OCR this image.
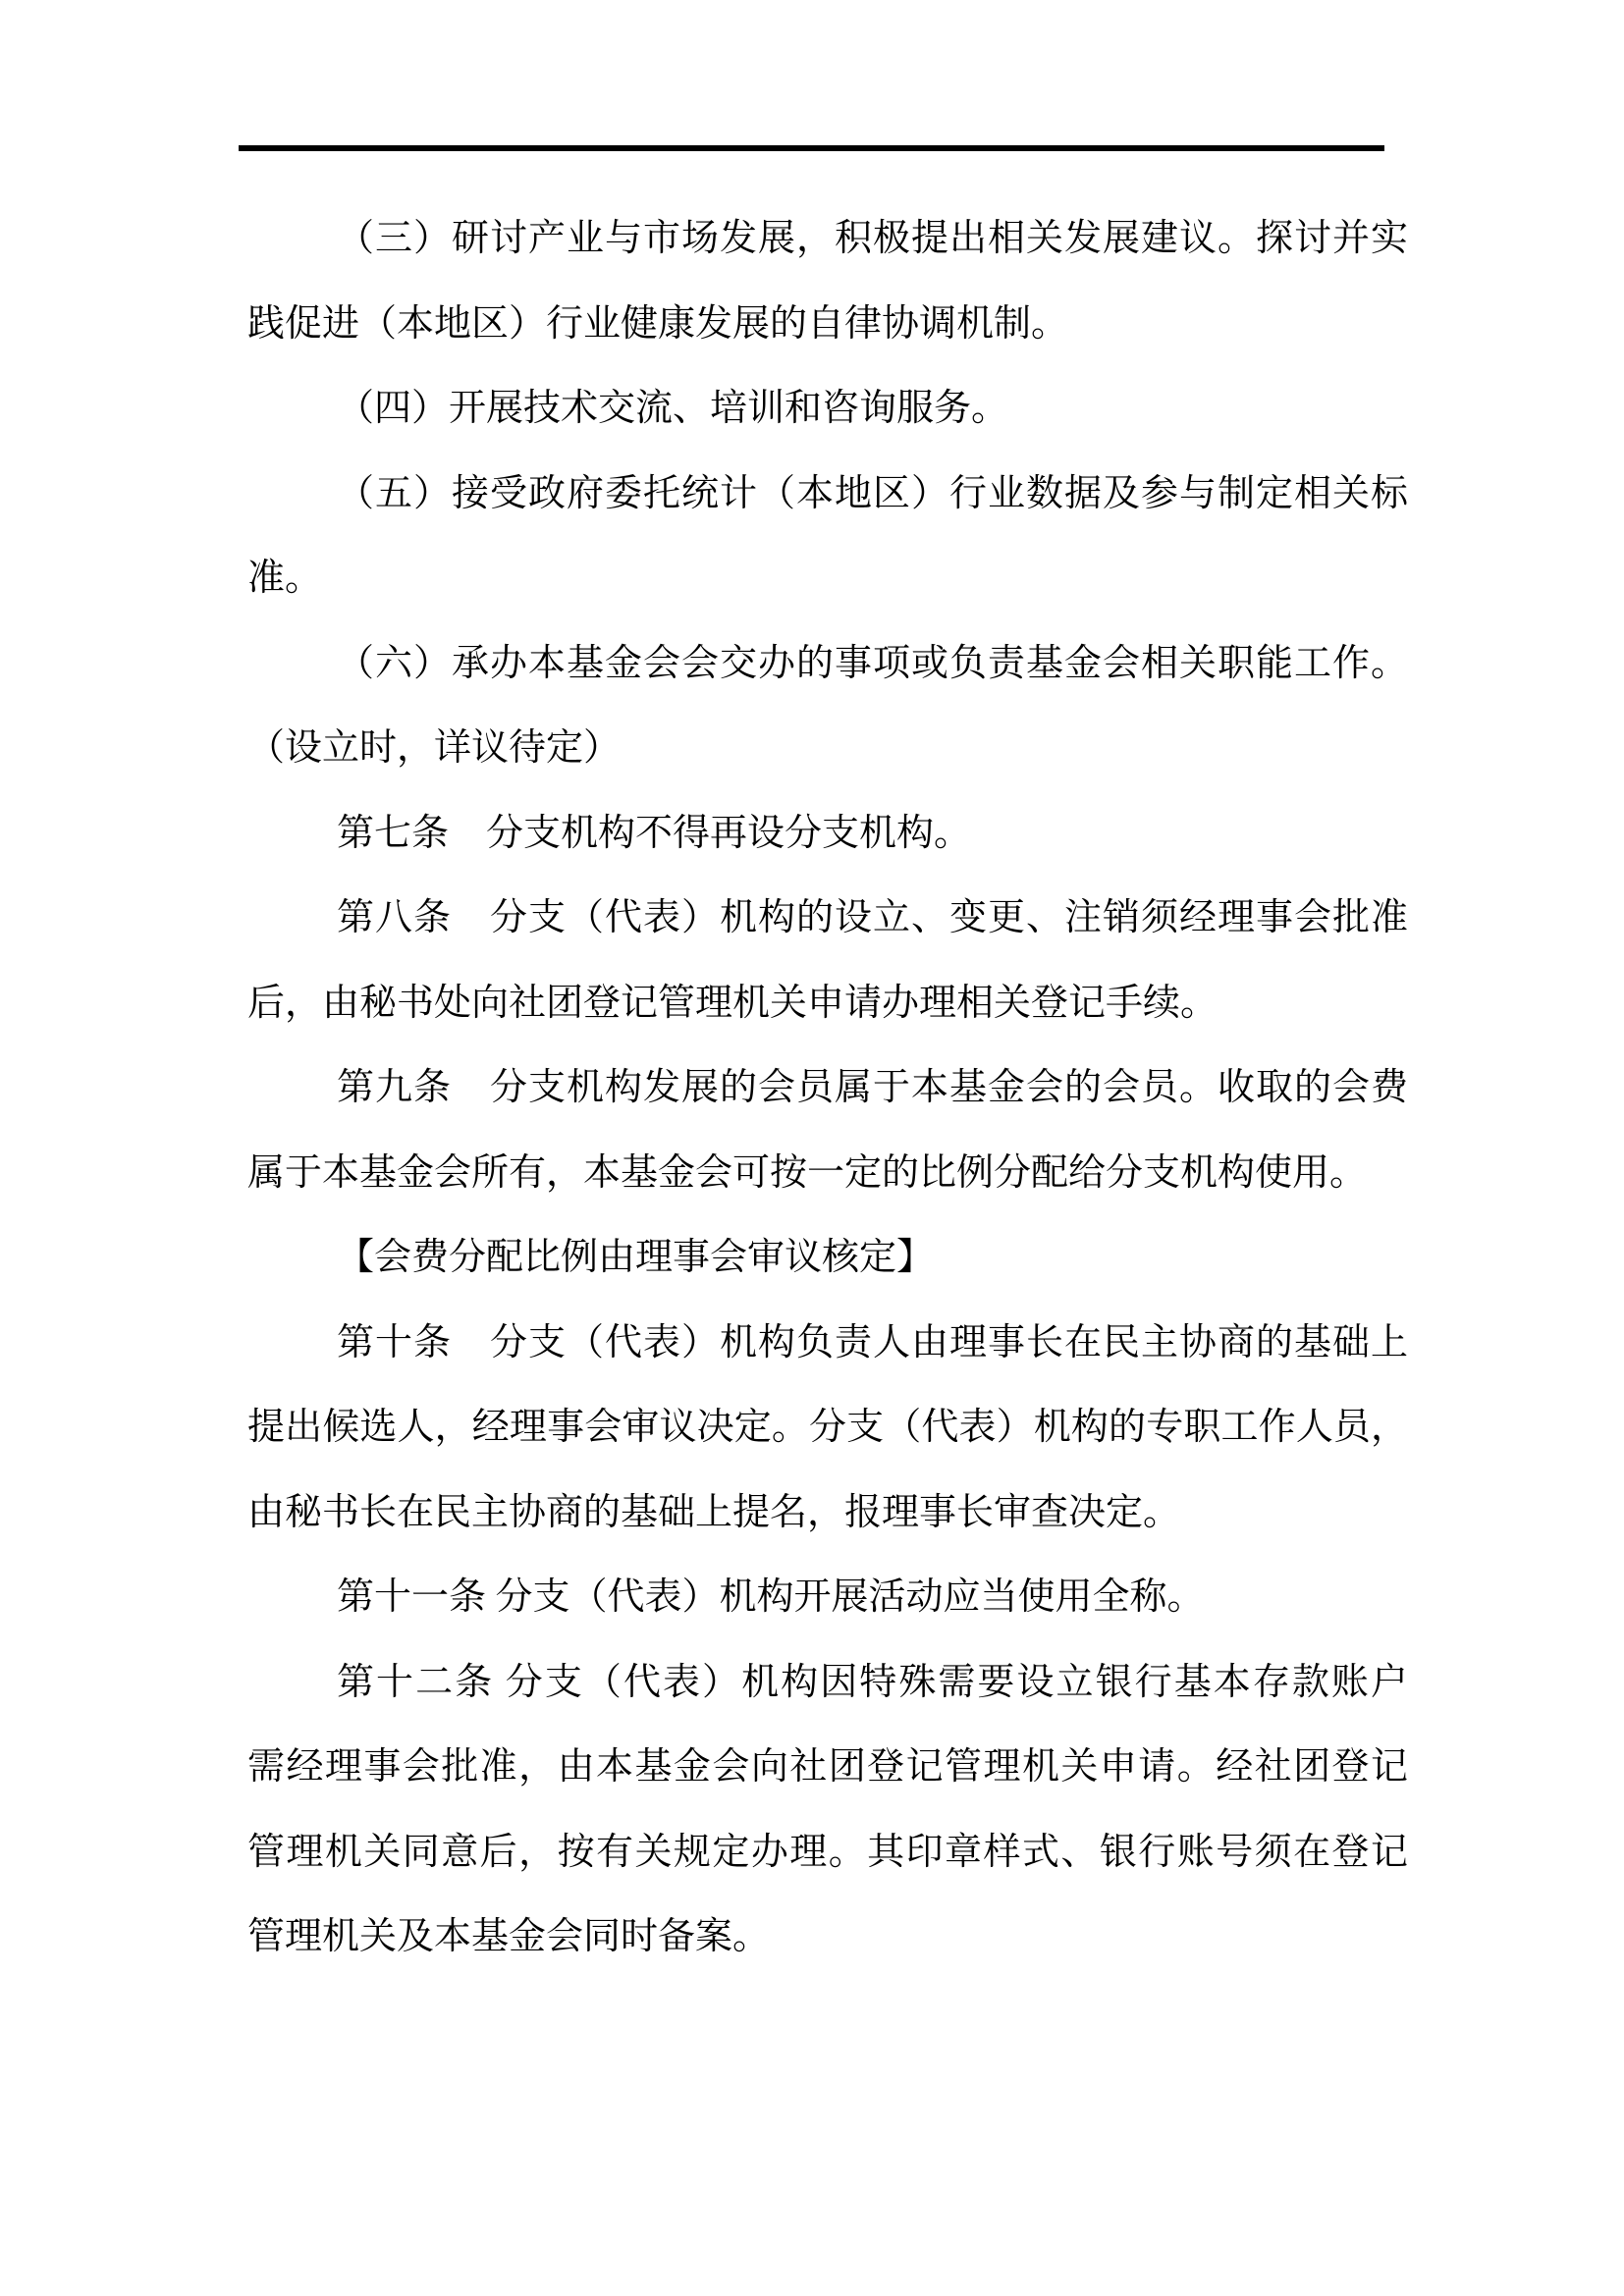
（三）研讨产业与市场发展，积极提出相关发展建议。探讨并实
践促进（本地区）行业健康发展的自律协调机制。
（四）开展技术交流、培训和咨询服务。
（五）接受政府委托统计（本地区）行业数据及参与制定相关标
准。
（六）承办本基金会会交办的事项或负责基金会相关职能工作。
（设立时，详议待定）
第七条　分支机构不得再设分支机构。
第八条　分支（代表）机构的设立、变更、注销须经理事会批准
后，由秘书处向社团登记管理机关申请办理相关登记手续。
第九条　分支机构发展的会员属于本基金会的会员。收取的会费
属于本基金会所有，本基金会可按一定的比例分配给分支机构使用。
【会费分配比例由理事会审议核定】
第十条　分支（代表）机构负责人由理事长在民主协商的基础上
提出候选人，经理事会审议决定。分支（代表）机构的专职工作人员，
由秘书长在民主协商的基础上提名，报理事长审查决定。
第十一条 分支（代表）机构开展活动应当使用全称。
第十二条 分支（代表）机构因特殊需要设立银行基本存款账户
需经理事会批准，由本基金会向社团登记管理机关申请。经社团登记
管理机关同意后，按有关规定办理。其印章样式、银行账号须在登记
管理机关及本基金会同时备案。
